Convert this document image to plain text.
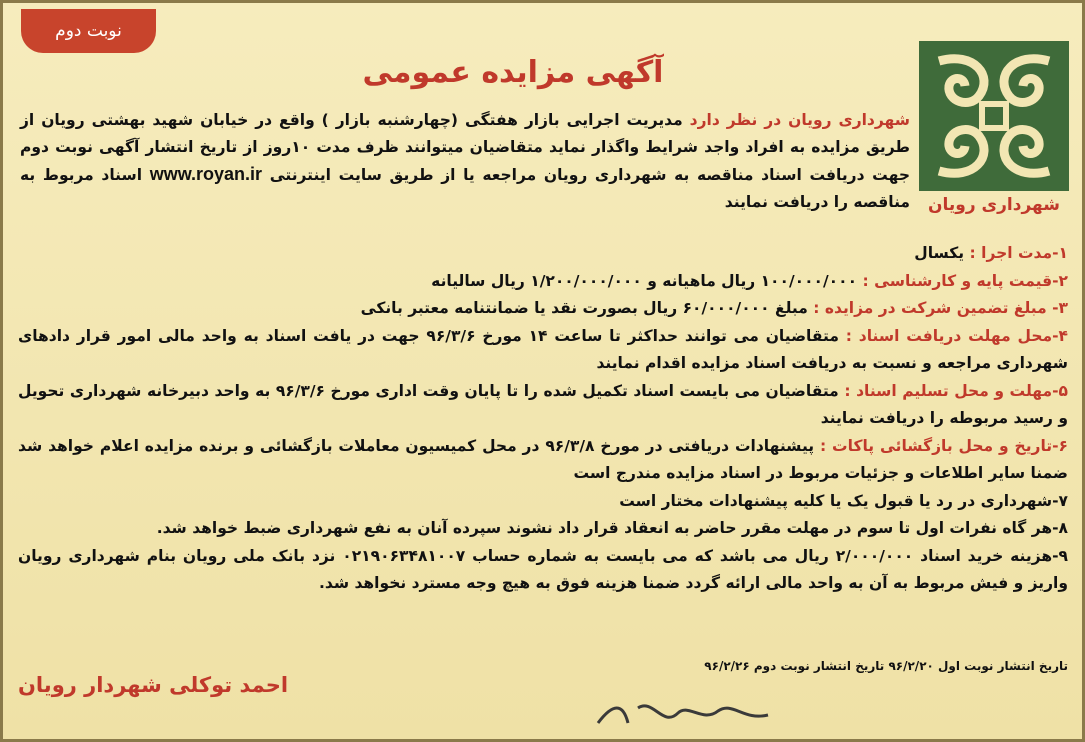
نوبت دوم
شهرداری رویان
آگهی مزایده عمومی
شهرداری رویان در نظر دارد مدیریت اجرایی بازار هفتگی (چهارشنبه بازار ) واقع در خیابان شهید بهشتی رویان از طریق مزایده به افراد واجد شرایط واگذار نماید متقاضیان میتوانند ظرف مدت ۱۰روز از تاریخ انتشار آگهی نوبت دوم جهت دریافت اسناد مناقصه به شهرداری رویان مراجعه یا از طریق سایت اینترنتی www.royan.ir اسناد مربوط به مناقصه را دریافت نمایند

۱-مدت اجرا : یکسال

۲-قیمت پایه و کارشناسی : ۱۰۰/۰۰۰/۰۰۰ ریال ماهیانه و ۱/۲۰۰/۰۰۰/۰۰۰ ریال سالیانه

۳- مبلغ تضمین شرکت در مزایده : مبلغ ۶۰/۰۰۰/۰۰۰ ریال بصورت نقد یا ضمانتنامه معتبر بانکی

۴-محل مهلت دریافت اسناد : متقاضیان می توانند حداکثر تا ساعت ۱۴ مورخ ۹۶/۳/۶ جهت در یافت اسناد به واحد مالی امور قرار دادهای شهرداری مراجعه و نسبت به دریافت اسناد مزایده اقدام نمایند

۵-مهلت و محل تسلیم اسناد : متقاضیان می بایست اسناد تکمیل شده را تا پایان وقت اداری مورخ ۹۶/۳/۶ به واحد دبیرخانه شهرداری تحویل و رسید مربوطه را دریافت نمایند

۶-تاریخ و محل بازگشائی پاکات : پیشنهادات دریافتی در مورخ ۹۶/۳/۸ در محل کمیسیون معاملات بازگشائی و برنده مزایده اعلام خواهد شد ضمنا سایر اطلاعات و جزئیات مربوط در اسناد مزایده مندرج است

۷-شهرداری در رد یا قبول یک یا کلیه پیشنهادات مختار است

۸-هر گاه نفرات اول تا سوم در مهلت مقرر حاضر به انعقاد قرار داد نشوند سپرده آنان به نفع شهرداری ضبط خواهد شد.

۹-هزینه خرید اسناد ۲/۰۰۰/۰۰۰ ریال می باشد که می بایست به شماره حساب ۰۲۱۹۰۶۳۴۸۱۰۰۷ نزد بانک ملی رویان بنام شهرداری رویان واریز و فیش مربوط به آن به واحد مالی ارائه گردد ضمنا هزینه فوق به هیچ وجه مسترد نخواهد شد.

تاریخ انتشار نوبت اول ۹۶/۲/۲۰ تاریخ انتشار نوبت دوم ۹۶/۲/۲۶
احمد توکلی شهردار رویان
